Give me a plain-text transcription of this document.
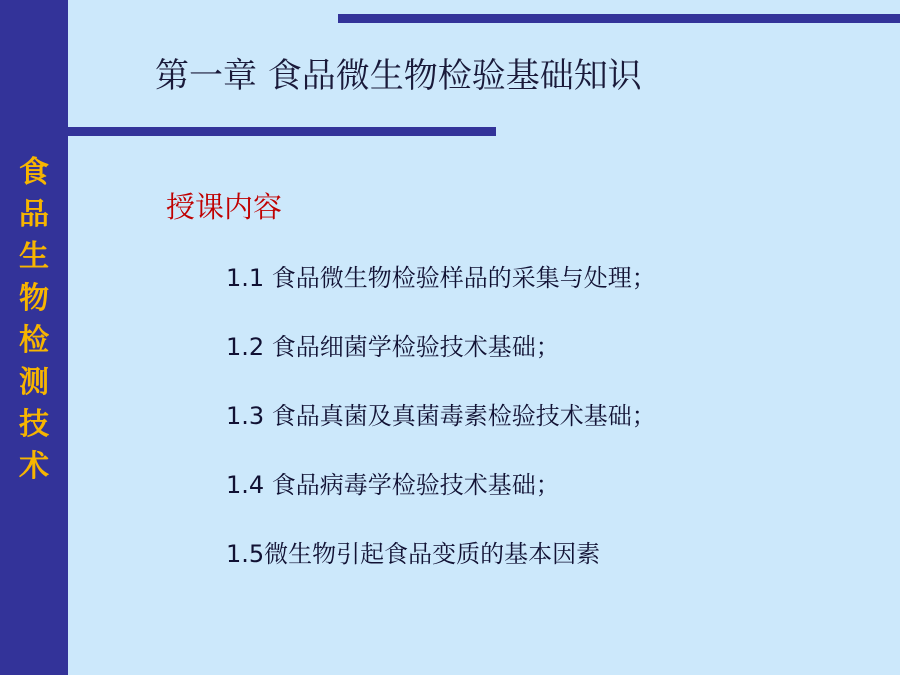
食
品
生
物
检
测
技
术
第一章 食品微生物检验基础知识
授课内容
1.1 食品微生物检验样品的采集与处理；
1.2 食品细菌学检验技术基础；
1.3 食品真菌及真菌毒素检验技术基础；
1.4 食品病毒学检验技术基础；
1.5微生物引起食品变质的基本因素
